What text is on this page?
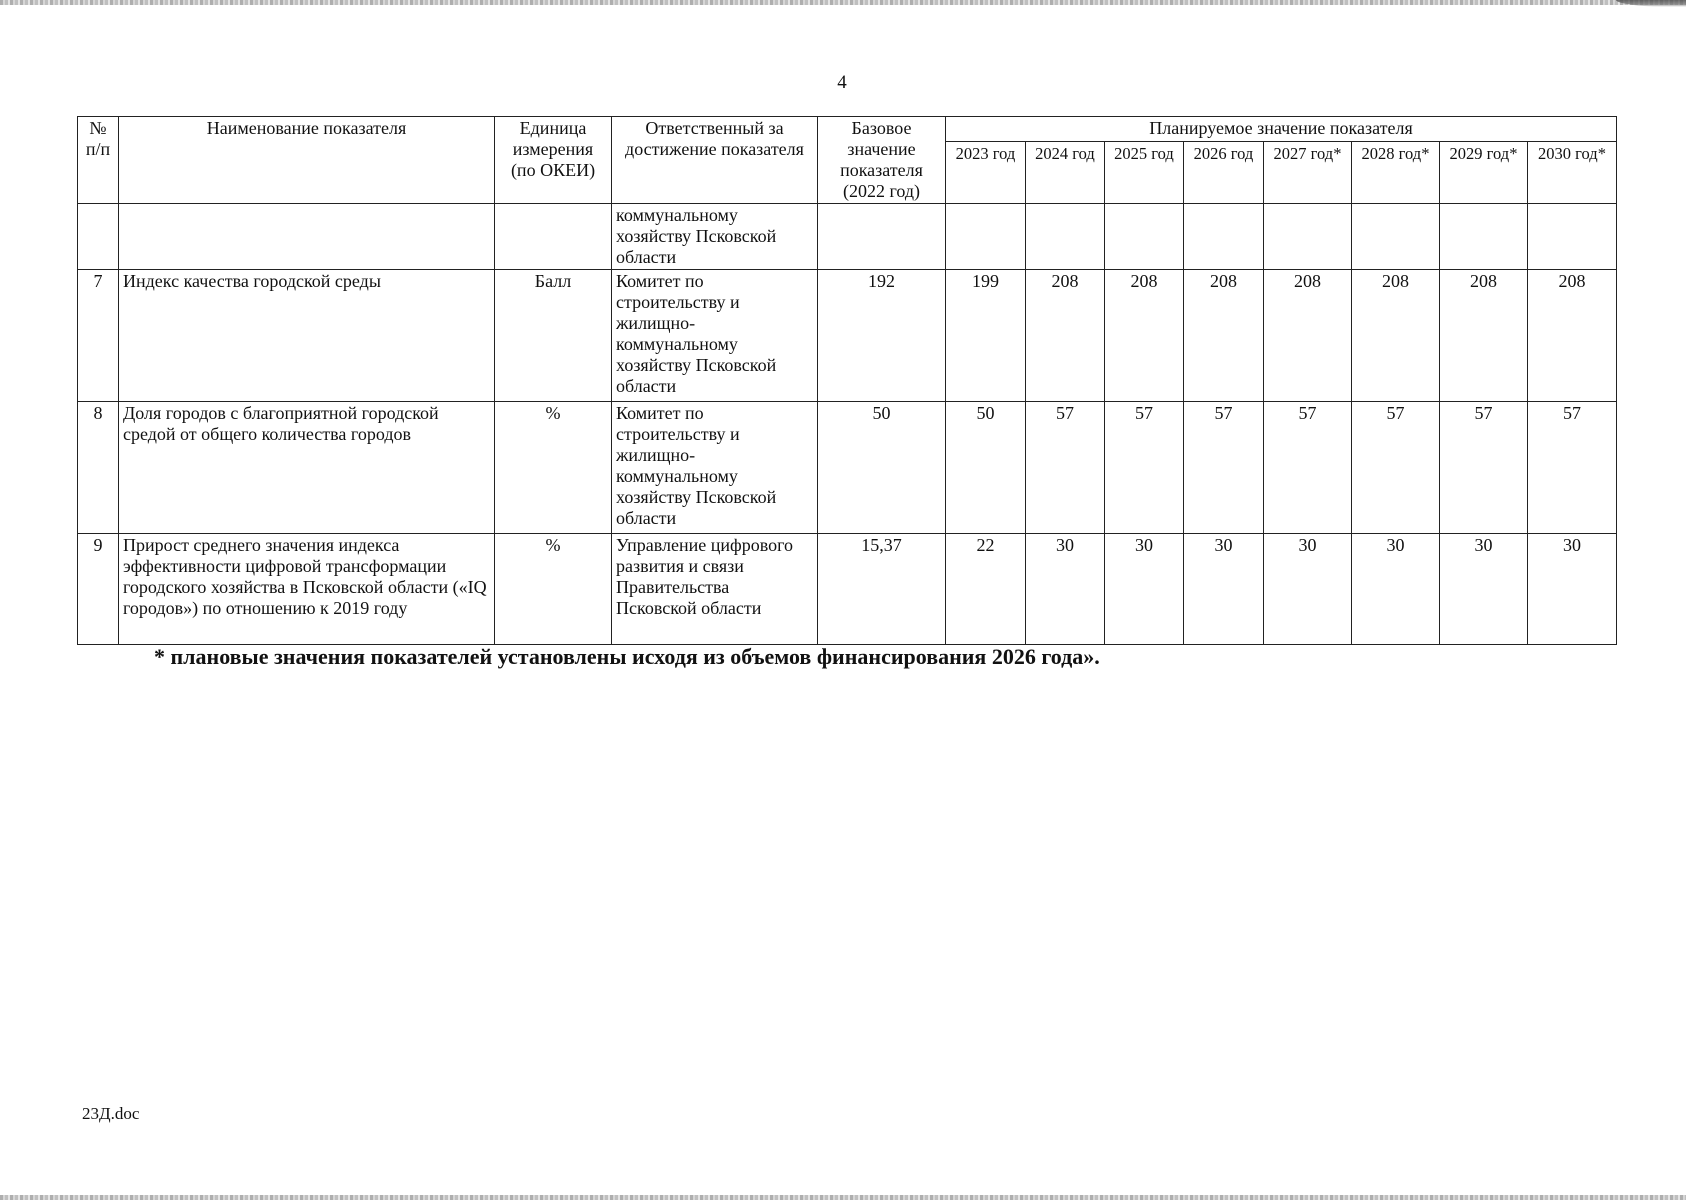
4
№ п/п	Наименование показателя	Единица измерения (по ОКЕИ)	Ответственный за достижение показателя	Базовое значение показателя (2022 год)	Планируемое значение показателя							
					2023 год	2024 год	2025 год	2026 год	2027 год*	2028 год*	2029 год*	2030 год*
			коммунальному хозяйству Псковской области									
7	Индекс качества городской среды	Балл	Комитет по строительству и жилищно-коммунальному хозяйству Псковской области	192	199	208	208	208	208	208	208	208
8	Доля городов с благоприятной городской средой от общего количества городов	%	Комитет по строительству и жилищно-коммунальному хозяйству Псковской области	50	50	57	57	57	57	57	57	57
9	Прирост среднего значения индекса эффективности цифровой трансформации городского хозяйства в Псковской области («IQ городов») по отношению к 2019 году	%	Управление цифрового развития и связи Правительства Псковской области	15,37	22	30	30	30	30	30	30	30
* плановые значения показателей установлены исходя из объемов финансирования 2026 года».
23Д.doc
